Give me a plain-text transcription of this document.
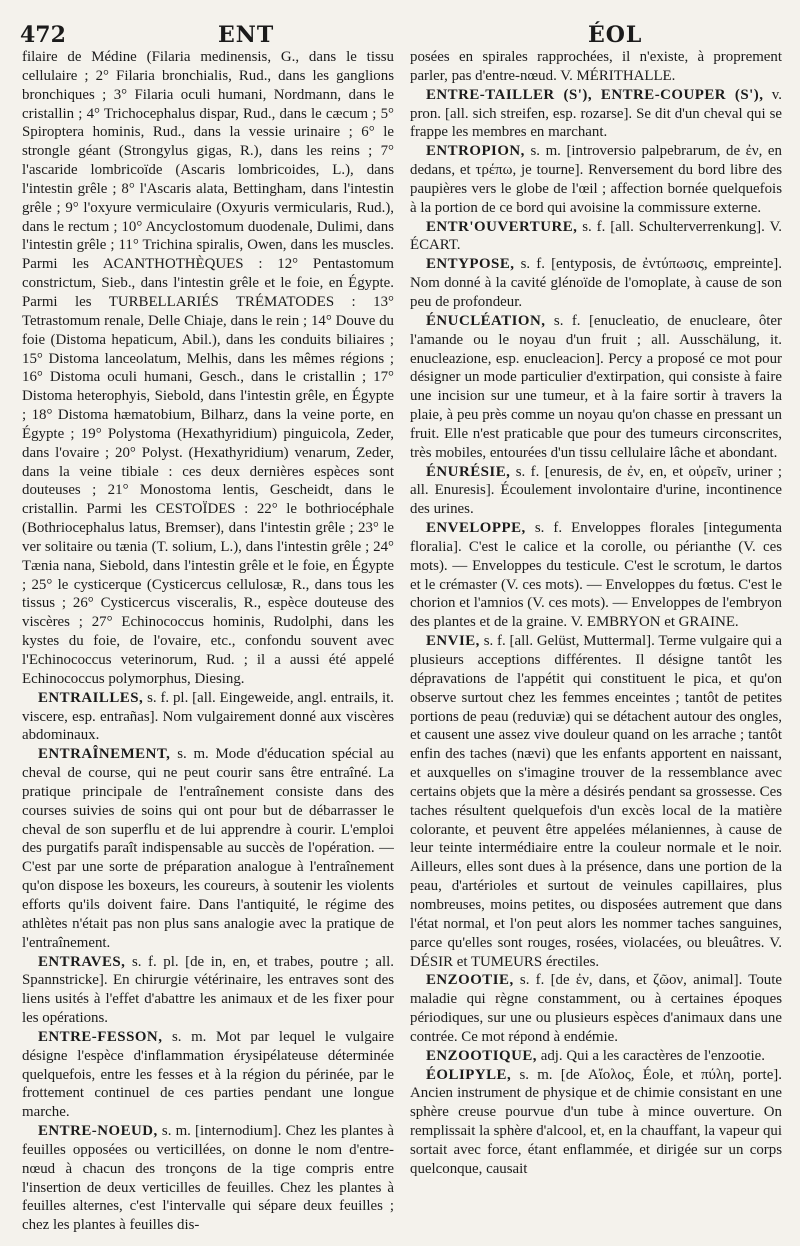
472	ENT	ÉOL

filaire de Médine (Filaria medinensis, G., dans le tissu cellulaire ; 2° Filaria bronchialis, Rud., dans les ganglions bronchiques ; 3° Filaria oculi humani, Nordmann, dans le cristallin ; 4° Trichocephalus dispar, Rud., dans le cæcum ; 5° Spiroptera hominis, Rud., dans la vessie urinaire ; 6° le strongle géant (Strongylus gigas, R.), dans les reins ; 7° l'ascaride lombricoïde (Ascaris lombricoides, L.), dans l'intestin grêle ; 8° l'Ascaris alata, Bettingham, dans l'intestin grêle ; 9° l'oxyure vermiculaire (Oxyuris vermicularis, Rud.), dans le rectum ; 10° Ancyclostomum duodenale, Dulimi, dans l'intestin grêle ; 11° Trichina spiralis, Owen, dans les muscles. Parmi les ACANTHOTHÈQUES : 12° Pentastomum constrictum, Sieb., dans l'intestin grêle et le foie, en Égypte. Parmi les TURBELLARIÉS TRÉMATODES : 13° Tetrastomum renale, Delle Chiaje, dans le rein ; 14° Douve du foie (Distoma hepaticum, Abil.), dans les conduits biliaires ; 15° Distoma lanceolatum, Melhis, dans les mêmes régions ; 16° Distoma oculi humani, Gesch., dans le cristallin ; 17° Distoma heterophyis, Siebold, dans l'intestin grêle, en Égypte ; 18° Distoma hæmatobium, Bilharz, dans la veine porte, en Égypte ; 19° Polystoma (Hexathyridium) pinguicola, Zeder, dans l'ovaire ; 20° Polyst. (Hexathyridium) venarum, Zeder, dans la veine tibiale : ces deux dernières espèces sont douteuses ; 21° Monostoma lentis, Gescheidt, dans le cristallin. Parmi les CESTOÏDES : 22° le bothriocéphale (Bothriocephalus latus, Bremser), dans l'intestin grêle ; 23° le ver solitaire ou tænia (T. solium, L.), dans l'intestin grêle ; 24° Tænia nana, Siebold, dans l'intestin grêle et le foie, en Égypte ; 25° le cysticerque (Cysticercus cellulosæ, R., dans tous les tissus ; 26° Cysticercus visceralis, R., espèce douteuse des viscères ; 27° Echinococcus hominis, Rudolphi, dans les kystes du foie, de l'ovaire, etc., confondu souvent avec l'Echinococcus veterinorum, Rud. ; il a aussi été appelé Echinococcus polymorphus, Diesing.

ENTRAILLES, s. f. pl. [all. Eingeweide, angl. entrails, it. viscere, esp. entrañas]. Nom vulgairement donné aux viscères abdominaux.

ENTRAÎNEMENT, s. m. Mode d'éducation spécial au cheval de course, qui ne peut courir sans être entraîné. La pratique principale de l'entraînement consiste dans des courses suivies de soins qui ont pour but de débarrasser le cheval de son superflu et de lui apprendre à courir. L'emploi des purgatifs paraît indispensable au succès de l'opération. — C'est par une sorte de préparation analogue à l'entraînement qu'on dispose les boxeurs, les coureurs, à soutenir les violents efforts qu'ils doivent faire. Dans l'antiquité, le régime des athlètes n'était pas non plus sans analogie avec la pratique de l'entraînement.

ENTRAVES, s. f. pl. [de in, en, et trabes, poutre ; all. Spannstricke]. En chirurgie vétérinaire, les entraves sont des liens usités à l'effet d'abattre les animaux et de les fixer pour les opérations.

ENTRE-FESSON, s. m. Mot par lequel le vulgaire désigne l'espèce d'inflammation érysipélateuse déterminée quelquefois, entre les fesses et à la région du périnée, par le frottement continuel de ces parties pendant une longue marche.

ENTRE-NOEUD, s. m. [internodium]. Chez les plantes à feuilles opposées ou verticillées, on donne le nom d'entre-nœud à chacun des tronçons de la tige compris entre l'insertion de deux verticilles de feuilles. Chez les plantes à feuilles alternes, c'est l'intervalle qui sépare deux feuilles ; chez les plantes à feuilles dis-

posées en spirales rapprochées, il n'existe, à proprement parler, pas d'entre-nœud. V. MÉRITHALLE.

ENTRE-TAILLER (S'), ENTRE-COUPER (S'), v. pron. [all. sich streifen, esp. rozarse]. Se dit d'un cheval qui se frappe les membres en marchant.

ENTROPION, s. m. [introversio palpebrarum, de ἐν, en dedans, et τρέπω, je tourne]. Renversement du bord libre des paupières vers le globe de l'œil ; affection bornée quelquefois à la portion de ce bord qui avoisine la commissure externe.

ENTR'OUVERTURE, s. f. [all. Schulterverrenkung]. V. ÉCART.

ENTYPOSE, s. f. [entyposis, de ἐντύπωσις, empreinte]. Nom donné à la cavité glénoïde de l'omoplate, à cause de son peu de profondeur.

ÉNUCLÉATION, s. f. [enucleatio, de enucleare, ôter l'amande ou le noyau d'un fruit ; all. Ausschälung, it. enucleazione, esp. enucleacion]. Percy a proposé ce mot pour désigner un mode particulier d'extirpation, qui consiste à faire une incision sur une tumeur, et à la faire sortir à travers la plaie, à peu près comme un noyau qu'on chasse en pressant un fruit. Elle n'est praticable que pour des tumeurs circonscrites, très mobiles, entourées d'un tissu cellulaire lâche et abondant.

ÉNURÉSIE, s. f. [enuresis, de ἐν, en, et οὐρεῖν, uriner ; all. Enuresis]. Écoulement involontaire d'urine, incontinence des urines.

ENVELOPPE, s. f. Enveloppes florales [integumenta floralia]. C'est le calice et la corolle, ou périanthe (V. ces mots). — Enveloppes du testicule. C'est le scrotum, le dartos et le crémaster (V. ces mots). — Enveloppes du fœtus. C'est le chorion et l'amnios (V. ces mots). — Enveloppes de l'embryon des plantes et de la graine. V. EMBRYON et GRAINE.

ENVIE, s. f. [all. Gelüst, Muttermal]. Terme vulgaire qui a plusieurs acceptions différentes. Il désigne tantôt les dépravations de l'appétit qui constituent le pica, et qu'on observe surtout chez les femmes enceintes ; tantôt de petites portions de peau (reduviæ) qui se détachent autour des ongles, et causent une assez vive douleur quand on les arrache ; tantôt enfin des taches (nævi) que les enfants apportent en naissant, et auxquelles on s'imagine trouver de la ressemblance avec certains objets que la mère a désirés pendant sa grossesse. Ces taches résultent quelquefois d'un excès local de la matière colorante, et peuvent être appelées mélaniennes, à cause de leur teinte intermédiaire entre la couleur normale et le noir. Ailleurs, elles sont dues à la présence, dans une portion de la peau, d'artérioles et surtout de veinules capillaires, plus nombreuses, moins petites, ou disposées autrement que dans l'état normal, et l'on peut alors les nommer taches sanguines, parce qu'elles sont rouges, rosées, violacées, ou bleuâtres. V. DÉSIR et TUMEURS érectiles.

ENZOOTIE, s. f. [de ἐν, dans, et ζῶον, animal]. Toute maladie qui règne constamment, ou à certaines époques périodiques, sur une ou plusieurs espèces d'animaux dans une contrée. Ce mot répond à endémie.

ENZOOTIQUE, adj. Qui a les caractères de l'enzootie.

ÉOLIPYLE, s. m. [de Αἴολος, Éole, et πύλη, porte]. Ancien instrument de physique et de chimie consistant en une sphère creuse pourvue d'un tube à mince ouverture. On remplissait la sphère d'alcool, et, en la chauffant, la vapeur qui sortait avec force, étant enflammée, et dirigée sur un corps quelconque, causait
